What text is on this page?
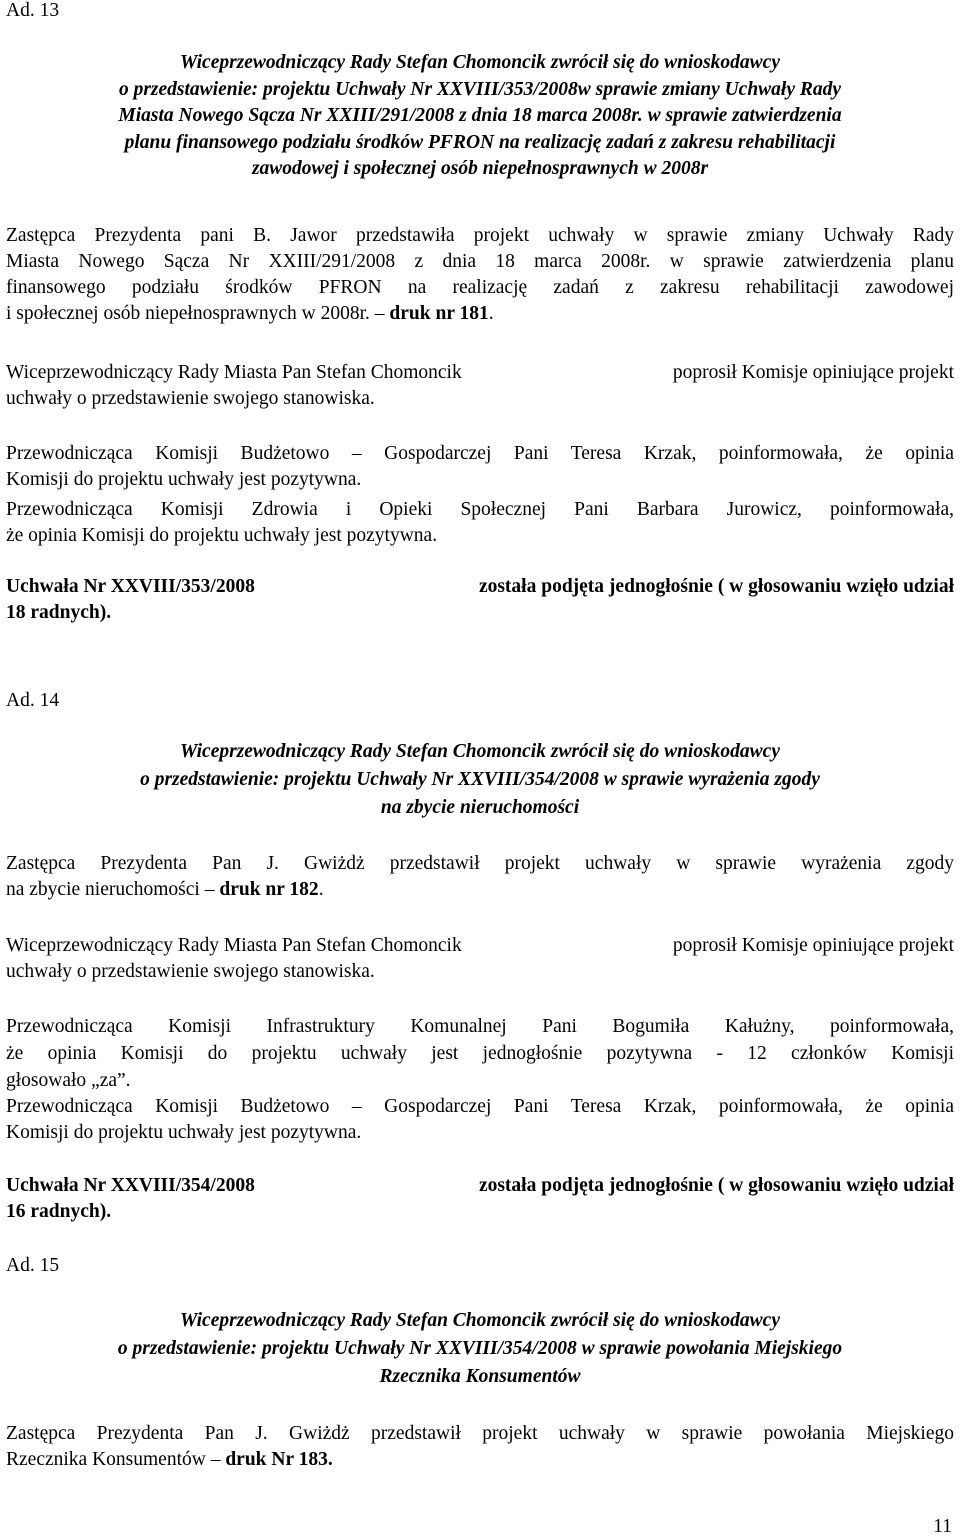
Ad. 13
Wiceprzewodniczący Rady Stefan Chomoncik zwrócił się do wnioskodawcy
o przedstawienie: projektu Uchwały Nr XXVIII/353/2008w sprawie zmiany Uchwały Rady
Miasta Nowego Sącza Nr XXIII/291/2008 z dnia 18 marca 2008r. w sprawie zatwierdzenia
planu finansowego podziału środków PFRON na realizację zadań z zakresu rehabilitacji
zawodowej i społecznej osób niepełnosprawnych w 2008r
Zastępca Prezydenta pani B. Jawor przedstawiła projekt uchwały w sprawie zmiany Uchwały Rady
Miasta Nowego Sącza Nr XXIII/291/2008 z dnia 18 marca 2008r. w sprawie zatwierdzenia planu
finansowego podziału środków PFRON na realizację zadań z zakresu rehabilitacji zawodowej
i społecznej osób niepełnosprawnych w 2008r. – druk nr 181.
Wiceprzewodniczący Rady Miasta Pan Stefan Chomoncik	poprosił Komisje opiniujące projekt
uchwały o przedstawienie swojego stanowiska.
Przewodnicząca Komisji Budżetowo – Gospodarczej Pani Teresa Krzak, poinformowała, że opinia
Komisji do projektu uchwały jest pozytywna.
Przewodnicząca Komisji Zdrowia i Opieki Społecznej Pani Barbara Jurowicz, poinformowała,
że opinia Komisji do projektu uchwały jest pozytywna.
Uchwała Nr XXVIII/353/2008	została podjęta jednogłośnie ( w głosowaniu wzięło udział
18 radnych).
Ad. 14
Wiceprzewodniczący Rady Stefan Chomoncik zwrócił się do wnioskodawcy
o przedstawienie: projektu Uchwały Nr XXVIII/354/2008 w sprawie wyrażenia zgody
na zbycie nieruchomości
Zastępca Prezydenta Pan J. Gwiżdż przedstawił projekt uchwały w sprawie wyrażenia zgody
na zbycie nieruchomości – druk nr 182.
Wiceprzewodniczący Rady Miasta Pan Stefan Chomoncik	poprosił Komisje opiniujące projekt
uchwały o przedstawienie swojego stanowiska.
Przewodnicząca Komisji Infrastruktury Komunalnej Pani Bogumiła Kałużny, poinformowała,
że opinia Komisji do projektu uchwały jest jednogłośnie pozytywna - 12 członków Komisji
głosowało „za”.
Przewodnicząca Komisji Budżetowo – Gospodarczej Pani Teresa Krzak, poinformowała, że opinia
Komisji do projektu uchwały jest pozytywna.
Uchwała Nr XXVIII/354/2008	została podjęta jednogłośnie ( w głosowaniu wzięło udział
16 radnych).
Ad. 15
Wiceprzewodniczący Rady Stefan Chomoncik zwrócił się do wnioskodawcy
o przedstawienie: projektu Uchwały Nr XXVIII/354/2008 w sprawie powołania Miejskiego
Rzecznika Konsumentów
Zastępca Prezydenta Pan J. Gwiżdż przedstawił projekt uchwały w sprawie powołania Miejskiego
Rzecznika Konsumentów – druk Nr 183.
11
